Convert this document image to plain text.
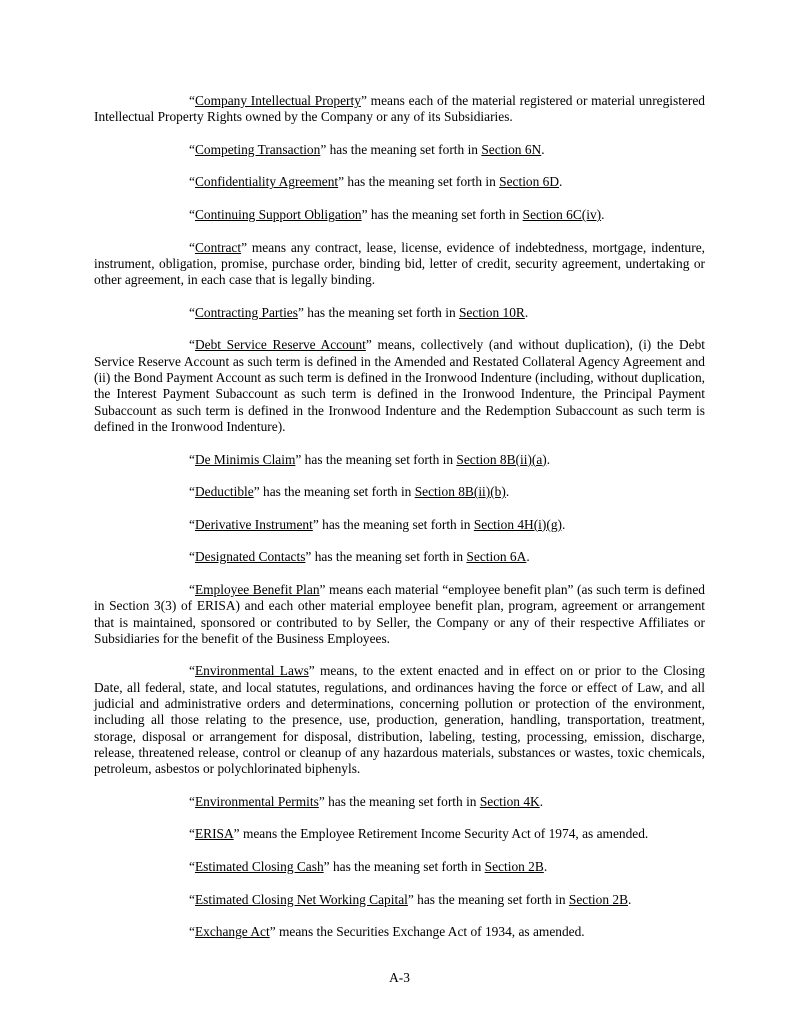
“Company Intellectual Property” means each of the material registered or material unregistered Intellectual Property Rights owned by the Company or any of its Subsidiaries.

“Competing Transaction” has the meaning set forth in Section 6N.

“Confidentiality Agreement” has the meaning set forth in Section 6D.

“Continuing Support Obligation” has the meaning set forth in Section 6C(iv).

“Contract” means any contract, lease, license, evidence of indebtedness, mortgage, indenture, instrument, obligation, promise, purchase order, binding bid, letter of credit, security agreement, undertaking or other agreement, in each case that is legally binding.

“Contracting Parties” has the meaning set forth in Section 10R.

“Debt Service Reserve Account” means, collectively (and without duplication), (i) the Debt Service Reserve Account as such term is defined in the Amended and Restated Collateral Agency Agreement and (ii) the Bond Payment Account as such term is defined in the Ironwood Indenture (including, without duplication, the Interest Payment Subaccount as such term is defined in the Ironwood Indenture, the Principal Payment Subaccount as such term is defined in the Ironwood Indenture and the Redemption Subaccount as such term is defined in the Ironwood Indenture).

“De Minimis Claim” has the meaning set forth in Section 8B(ii)(a).

“Deductible” has the meaning set forth in Section 8B(ii)(b).

“Derivative Instrument” has the meaning set forth in Section 4H(i)(g).

“Designated Contacts” has the meaning set forth in Section 6A.

“Employee Benefit Plan” means each material “employee benefit plan” (as such term is defined in Section 3(3) of ERISA) and each other material employee benefit plan, program, agreement or arrangement that is maintained, sponsored or contributed to by Seller, the Company or any of their respective Affiliates or Subsidiaries for the benefit of the Business Employees.

“Environmental Laws” means, to the extent enacted and in effect on or prior to the Closing Date, all federal, state, and local statutes, regulations, and ordinances having the force or effect of Law, and all judicial and administrative orders and determinations, concerning pollution or protection of the environment, including all those relating to the presence, use, production, generation, handling, transportation, treatment, storage, disposal or arrangement for disposal, distribution, labeling, testing, processing, emission, discharge, release, threatened release, control or cleanup of any hazardous materials, substances or wastes, toxic chemicals, petroleum, asbestos or polychlorinated biphenyls.

“Environmental Permits” has the meaning set forth in Section 4K.

“ERISA” means the Employee Retirement Income Security Act of 1974, as amended.

“Estimated Closing Cash” has the meaning set forth in Section 2B.

“Estimated Closing Net Working Capital” has the meaning set forth in Section 2B.

“Exchange Act” means the Securities Exchange Act of 1934, as amended.

A-3
